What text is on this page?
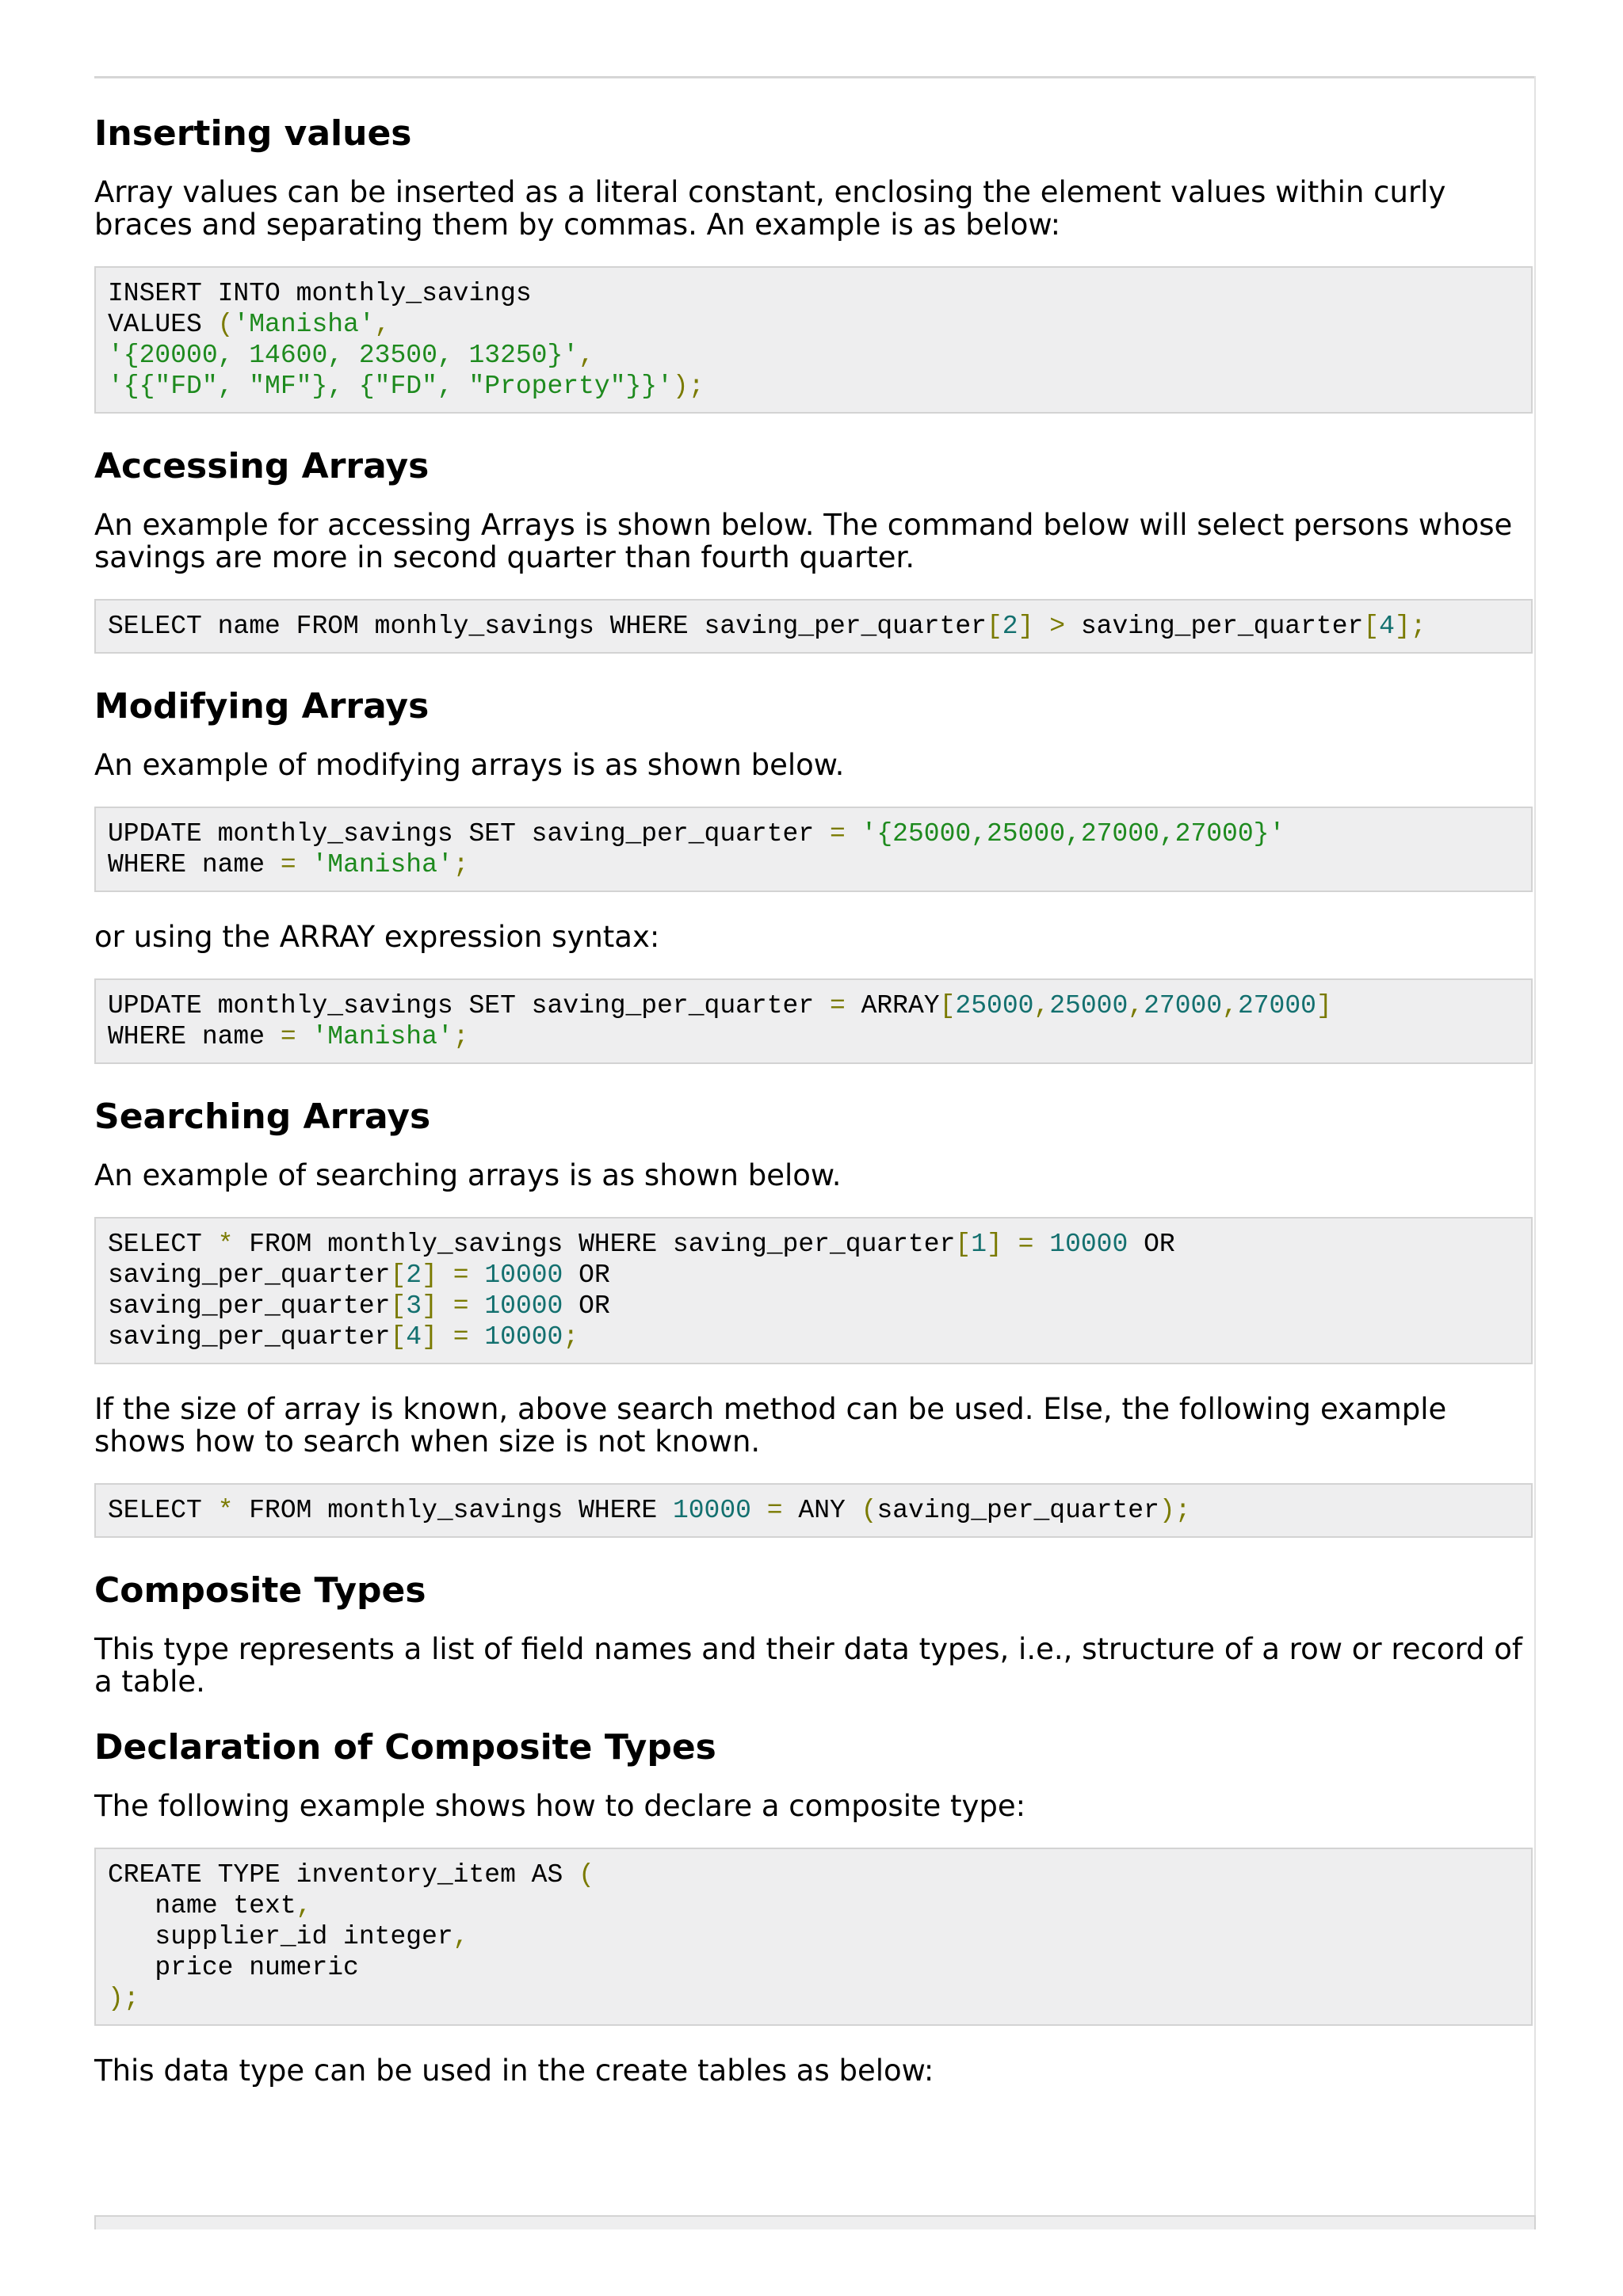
Inserting values

Array values can be inserted as a literal constant, enclosing the element values within curly braces and separating them by commas. An example is as below:

INSERT INTO monthly_savings
VALUES ('Manisha',
'{20000, 14600, 23500, 13250}',
'{{"FD", "MF"}, {"FD", "Property"}}');
Accessing Arrays

An example for accessing Arrays is shown below. The command below will select persons whose savings are more in second quarter than fourth quarter.

SELECT name FROM monhly_savings WHERE saving_per_quarter[2] > saving_per_quarter[4];
Modifying Arrays

An example of modifying arrays is as shown below.

UPDATE monthly_savings SET saving_per_quarter = '{25000,25000,27000,27000}'
WHERE name = 'Manisha';

or using the ARRAY expression syntax:

UPDATE monthly_savings SET saving_per_quarter = ARRAY[25000,25000,27000,27000]
WHERE name = 'Manisha';
Searching Arrays

An example of searching arrays is as shown below.

SELECT * FROM monthly_savings WHERE saving_per_quarter[1] = 10000 OR
saving_per_quarter[2] = 10000 OR
saving_per_quarter[3] = 10000 OR
saving_per_quarter[4] = 10000;

If the size of array is known, above search method can be used. Else, the following example shows how to search when size is not known.

SELECT * FROM monthly_savings WHERE 10000 = ANY (saving_per_quarter);
Composite Types

This type represents a list of field names and their data types, i.e., structure of a row or record of a table.

Declaration of Composite Types

The following example shows how to declare a composite type:

CREATE TYPE inventory_item AS (
name text,
supplier_id integer,
price numeric
);

This data type can be used in the create tables as below:
